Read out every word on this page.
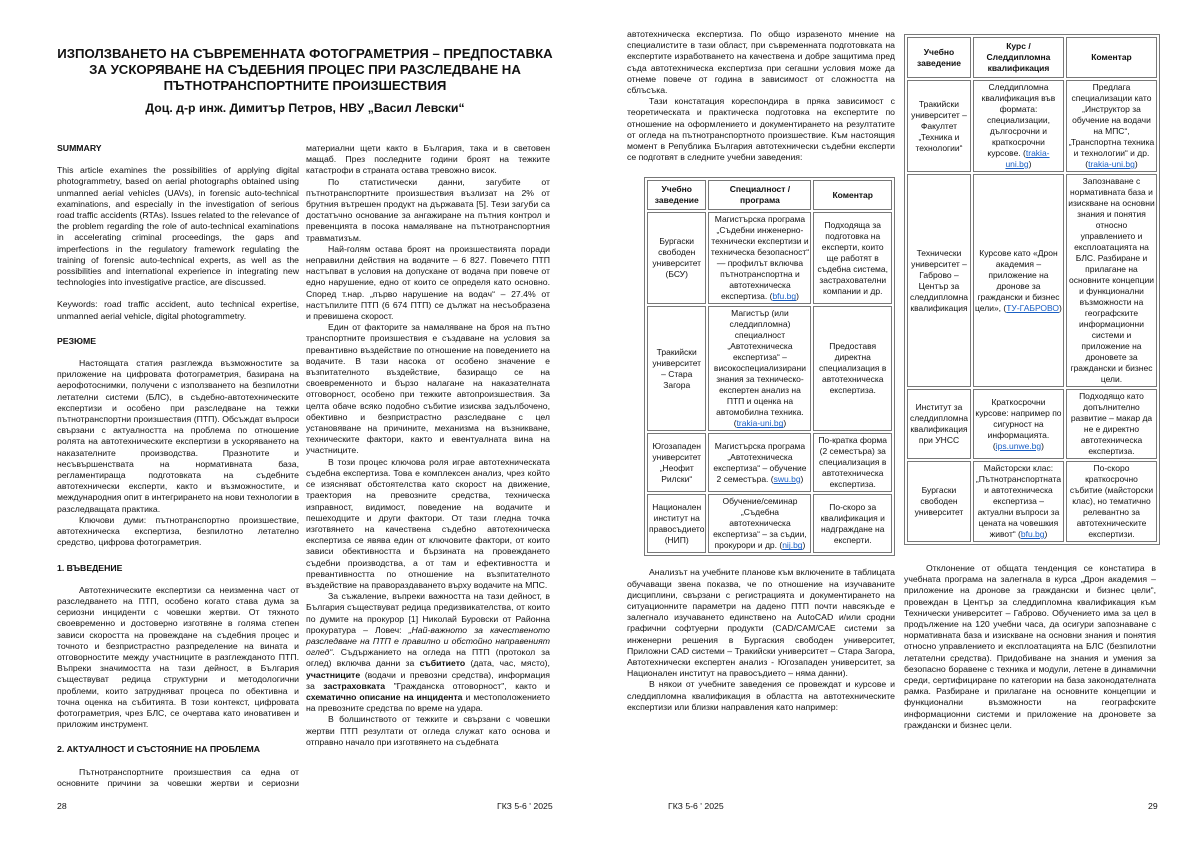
ИЗПОЛЗВАНЕТО НА СЪВРЕМЕННАТА ФОТОГРАМЕТРИЯ – ПРЕДПОСТАВКА ЗА УСКОРЯВАНЕ НА СЪДЕБНИЯ ПРОЦЕС ПРИ РАЗСЛЕДВАНЕ НА ПЪТНОТРАНСПОРТНИТЕ ПРОИЗШЕСТВИЯ
Доц. д-р инж. Димитър Петров, НВУ „Васил Левски“
SUMMARY

This article examines the possibilities of applying digital photogrammetry, based on aerial photographs obtained using unmanned aerial vehicles (UAVs), in forensic auto-technical examinations, and especially in the investigation of serious road traffic accidents (RTAs). Issues related to the relevance of the problem regarding the role of auto-technical examinations in accelerating criminal proceedings, the gaps and imperfections in the regulatory framework regulating the training of forensic auto-technical experts, as well as the possibilities and international experience in integrating new technologies into investigative practice, are discussed.

Keywords: road traffic accident, auto technical expertise, unmanned aerial vehicle, digital photogrammetry.

РЕЗЮМЕ

Настоящата статия разглежда възможностите за приложение на цифровата фотограметрия, базирана на аерофотоснимки, получени с използването на безпилотни летателни системи (БЛС), в съдебно-автотехническите експертизи и особено при разследване на тежки пътнотранспортни произшествия (ПТП). Обсъждат въпроси свързани с актуалността на проблема по отношение ролята на автотехническите експертизи в ускоряването на наказателните производства. Празнотите и несъвършенствата на нормативната база, регламентираща подготовката на съдебните автотехнически експерти, както и възможностите, и международния опит в интегрирането на нови технологии в разследващата практика.

Ключови думи: пътнотранспортно произшествие, автотехническа експертиза, безпилотно летателно средство, цифрова фотограметрия.

1. ВЪВЕДЕНИЕ

Автотехническите експертизи са неизменна част от разследването на ПТП, особено когато става дума за сериозни инциденти с човешки жертви. От тяхното своевременно и достоверно изготвяне в голяма степен зависи скоростта на провеждане на съдебния процес и точното и безпристрастно разпределение на вината и отговорностите между участниците в разглежданото ПТП. Въпреки значимостта на тази дейност, в България съществуват редица структурни и методологични проблеми, които затрудняват процеса по обективна и точна оценка на събитията. В този контекст, цифровата фотограметрия, чрез БЛС, се очертава като иновативен и приложим инструмент.

2. АКТУАЛНОСТ И СЪСТОЯНИЕ НА ПРОБЛЕМА

Пътнотранспортните произшествия са една от основните причини за човешки жертви и сериозни

материални щети както в България, така и в световен мащаб. През последните години броят на тежките катастрофи в страната остава тревожно висок.

По статистически данни, загубите от пътнотранспортните произшествия възлизат на 2% от брутния вътрешен продукт на държавата [5]. Тези загуби са достатъчно основание за ангажиране на пътния контрол и превенцията в посока намаляване на пътнотранспортния травматизъм.

Най-голям остава броят на произшествията поради неправилни действия на водачите – 6 827. Повечето ПТП настъпват в условия на допускане от водача при повече от едно нарушение, едно от които се определя като основно. Според т.нар. „първо нарушение на водач“ – 27.4% от настъпилите ПТП (6 674 ПТП) се дължат на несъобразена и превишена скорост.

Един от факторите за намаляване на броя на пътно транспортните произшествия е създаване на условия за превантивно въздействие по отношение на поведението на водачите. В тази насока от особено значение е възпитателното въздействие, базиращо се на своевременното и бързо налагане на наказателната отговорност, особено при тежките автопроизшествия. За целта обаче всяко подобно събитие изисква задълбочено, обективно и безпристрастно разследване с цел установяване на причините, механизма на възникване, техническите фактори, както и евентуалната вина на участниците.

В този процес ключова роля играе автотехническата съдебна експертиза. Това е комплексен анализ, чрез който се изясняват обстоятелства като скорост на движение, траектория на превозните средства, техническа изправност, видимост, поведение на водачите и пешеходците и други фактори. От тази гледна точка изготвянето на качествена съдебно автотехническа експертиза се явява един от ключовите фактори, от които зависи обективността и бързината на провеждането съдебни производства, а от там и ефективността и превантивността по отношение на възпитателното въздействие на правораздаването върху водачите на МПС.

За съжаление, въпреки важността на тази дейност, в България съществуват редица предизвикателства, от които по думите на прокурор [1] Николай Буровски от Районна прокуратура – Ловеч: „Най-важното за качественото разследване на ПТП е правилно и обстойно направеният оглед“. Съдържанието на огледа на ПТП (протокол за оглед) включва данни за събитието (дата, час, място), участниците (водачи и превозни средства), информация за застраховката "Гражданска отговорност", както и схематично описание на инцидента и местоположението на превозните средства по време на удара.

В болшинството от тежките и свързани с човешки жертви ПТП резултати от огледа служат като основа и отправно начало при изготвянето на съдебната

28	ГКЗ 5-6 ' 2025

автотехническа експертиза. По общо изразеното мнение на специалистите в тази област, при съвременната подготовката на експертите изработването на качествена и добре защитима пред съда автотехническа експертиза при сегашни условия може да отнеме повече от година в зависимост от сложността на сблъсъка.

Тази констатация кореспондира в пряка зависимост с теоретическата и практическа подготовка на експертите по отношение на оформлението и документирането на резултатите от огледа на пътнотранспортното произшествие. Към настоящия момент в Република България автотехнически съдебни експерти се подготвят в следните учебни заведения:

Учебно заведение	Специалност / програма	Коментар
Бургаски свободен университет (БСУ)	Магистърска програма „Съдебни инженерно-технически експертизи и техническа безопасност“ — профилът включва пътнотранспортна и автотехническа експертиза. (bfu.bg)	Подходяща за подготовка на експерти, които ще работят в съдебна система, застрахователни компании и др.
Тракийски университет – Стара Загора	Магистър (или следдипломна) специалност „Автотехническа експертиза“ – високоспециализирани знания за техническо-експертен анализ на ПТП и оценка на автомобилна техника. (trakia-uni.bg)	Предоставя директна специализация в автотехническа експертиза.
Югозападен университет „Неофит Рилски“	Магистърска програма „Автотехническа експертиза“ – обучение 2 семестъра. (swu.bg)	По-кратка форма (2 семестъра) за специализация в автотехническа експертиза.
Национален институт на правосъдието (НИП)	Обучение/семинар „Съдебна автотехническа експертиза“ – за съдии, прокурори и др. (nij.bg)	По-скоро за квалификация и надграждане на експерти.

Анализът на учебните планове към включените в таблицата обучаващи звена показва, че по отношение на изучаваните дисциплини, свързани с регистрацията и документирането на ситуационните параметри на дадено ПТП почти навсякъде е залегнало изучаването единствено на AutoCAD и/или сродни графични софтуерни продукти (CAD/CAM/CAE системи за инженерни решения в Бургаския свободен университет, Приложни CAD системи – Тракийски университет – Стара Загора, Автотехнически експертен анализ - Югозападен университет, за Национален институт на правосъдието – няма данни).

В някои от учебните заведения се провеждат и курсове и следдипломна квалификация в областта на автотехническите експертизи или близки направления като например:

Учебно заведение	Курс / Следдипломна квалификация	Коментар
Тракийски университет – Факултет „Техника и технологии“	Следдипломна квалификация във формата: специализации, дългосрочни и краткосрочни курсове. (trakia-uni.bg)	Предлага специализации като „Инструктор за обучение на водачи на МПС“, „Транспортна техника и технологии“ и др. (trakia-uni.bg)
Технически университет – Габрово – Център за следдипломна квалификация	Курсове като «Дрон академия – приложение на дронове за граждански и бизнес цели», (ТУ-ГАБРОВО)	Запознаване с нормативната база и изискване на основни знания и понятия относно управлението и експлоатацията на БЛС. Разбиране и прилагане на основните концепции и функционални възможности на географските информационни системи и приложение на дроновете за граждански и бизнес цели.
Институт за следдипломна квалификация при УНСС	Краткосрочни курсове: например по сигурност на информацията. (ips.unwe.bg)	Подходящо като допълнително развитие – макар да не е директно автотехническа експертиза.
Бургаски свободен университет	Майсторски клас: „Пътнотранспортната и автотехническа експертиза – актуални въпроси за цената на човешкия живот“ (bfu.bg)	По-скоро краткосрочно събитие (майсторски клас), но тематично релевантно за автотехническите експертизи.

Отклонение от общата тенденция се констатира в учебната програма на залегнала в курса „Дрон академия – приложение на дронове за граждански и бизнес цели“, провеждан в Център за следдипломна квалификация към Технически университет – Габрово. Обучението има за цел в продължение на 120 учебни часа, да осигури запознаване с нормативната база и изискване на основни знания и понятия относно управлението и експлоатацията на БЛС (безпилотни летателни средства). Придобиване на знания и умения за безопасно боравене с техника и модули, летене в динамични среди, сертифициране по категории на база законодателната рамка. Разбиране и прилагане на основните концепции и функционални възможности на географските информационни системи и приложение на дроновете за граждански и бизнес цели.

ГКЗ 5-6 ' 2025	29
